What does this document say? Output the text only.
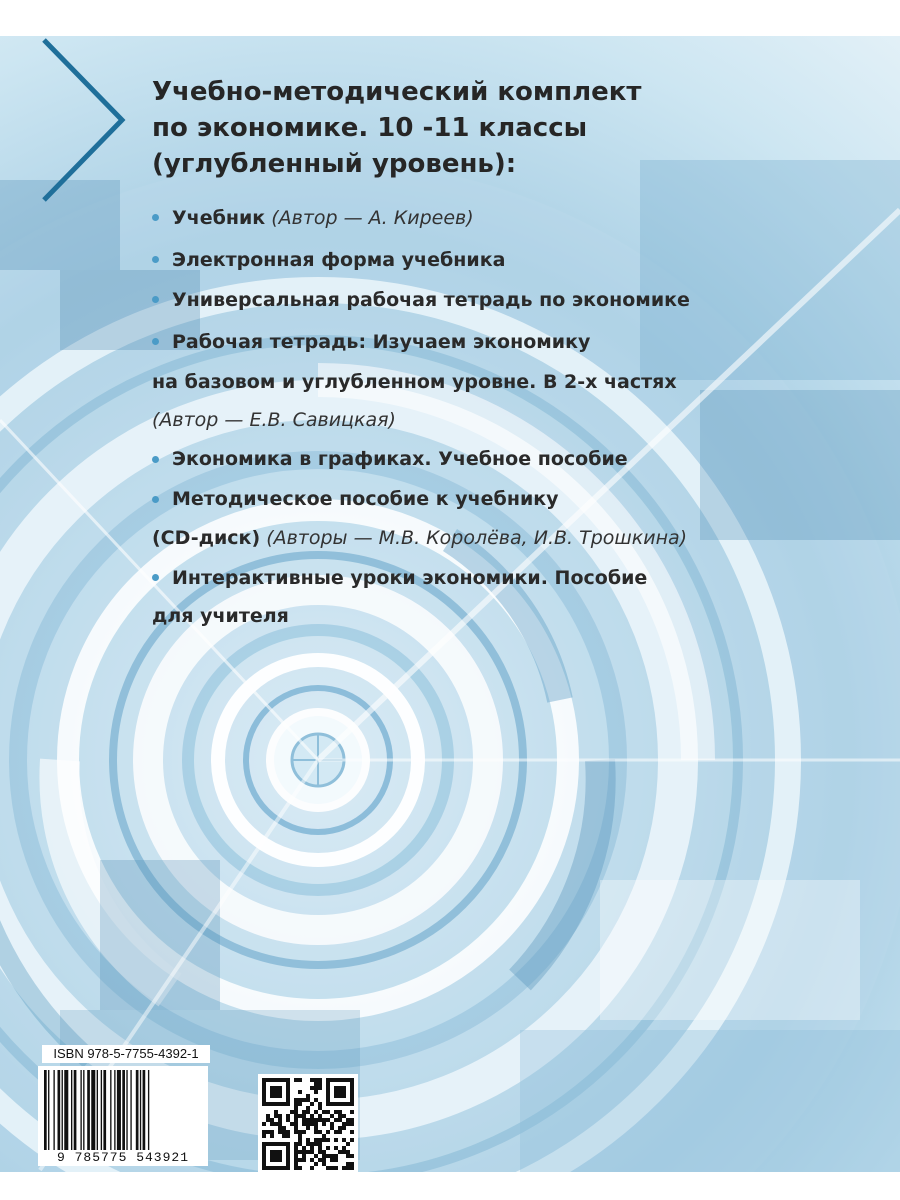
Учебно-методический комплект
по экономике. 10 -11 классы
(углубленный уровень):
Учебник (Автор — А. Киреев)
Электронная форма учебника
Универсальная рабочая тетрадь по экономике
Рабочая тетрадь: Изучаем экономику
на базовом и углубленном уровне. В 2-х частях
(Автор — Е.В. Савицкая)
Экономика в графиках. Учебное пособие
Методическое пособие к учебнику
(CD-диск) (Авторы — М.В. Королёва, И.В. Трошкина)
Интерактивные уроки экономики. Пособие
для учителя
ISBN 978-5-7755-4392-1
9 785775 543921
